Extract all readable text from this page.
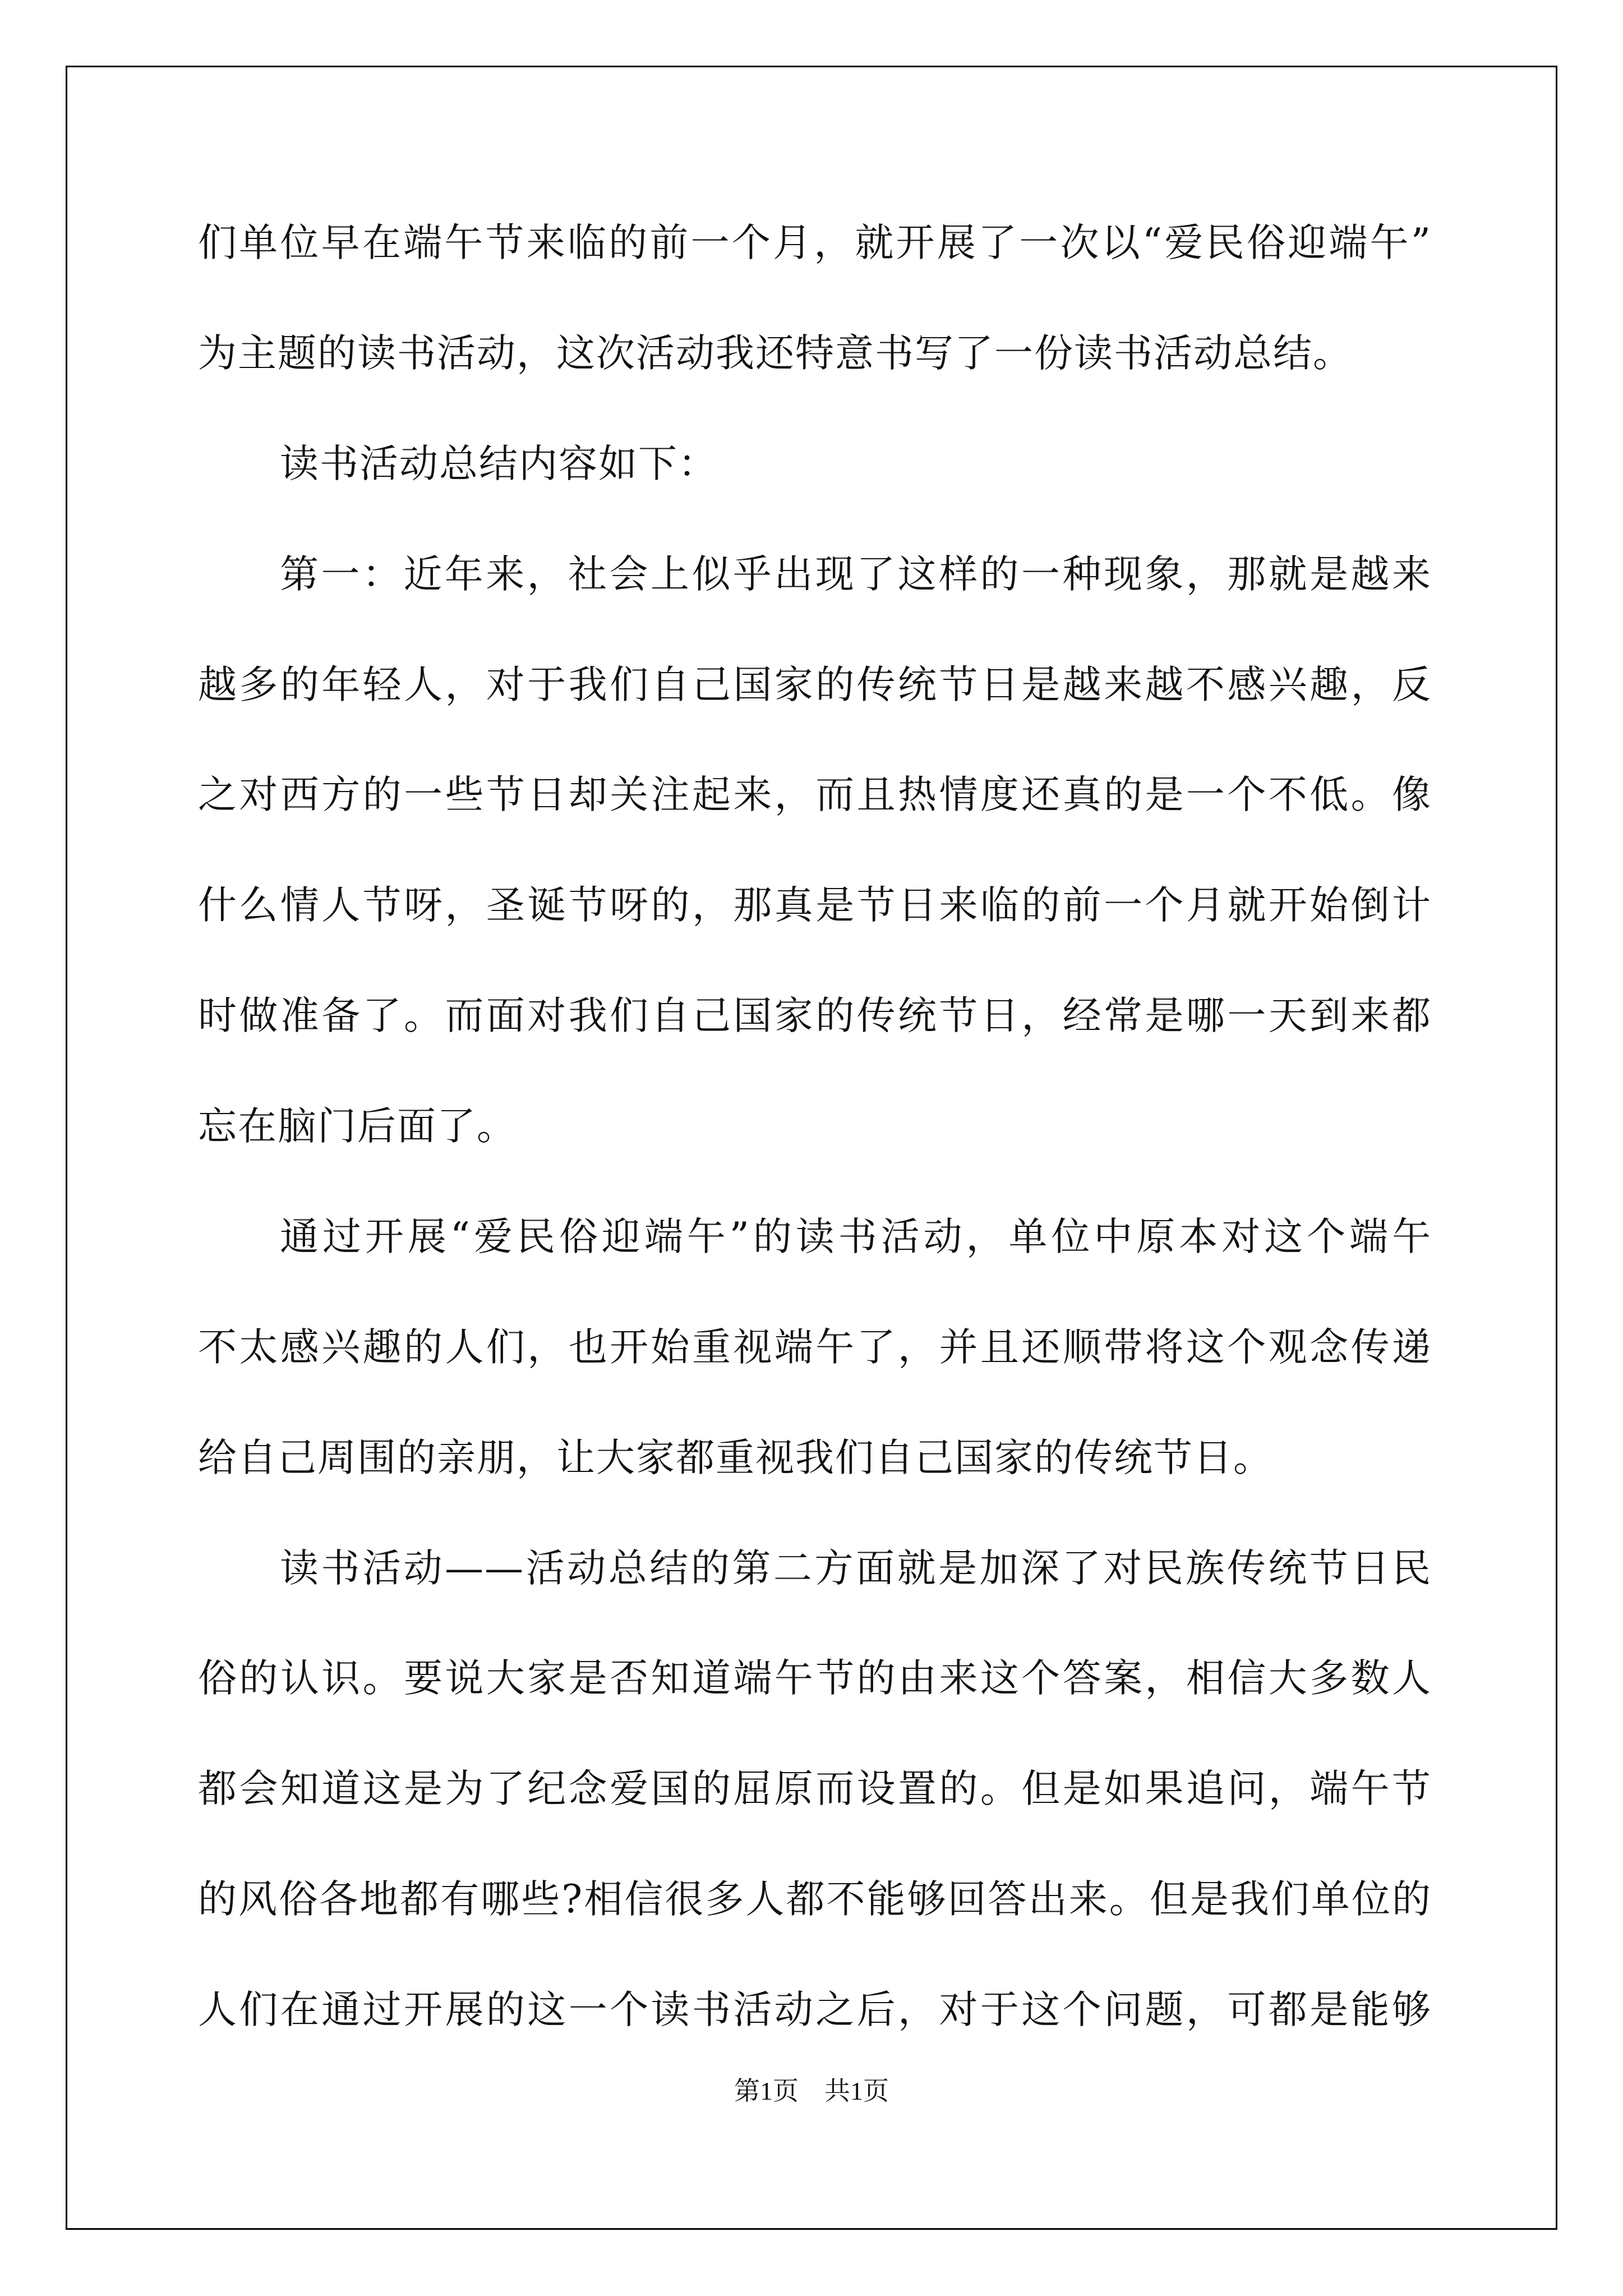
们单位早在端午节来临的前一个月，就开展了一次以“爱民俗迎端午”
为主题的读书活动，这次活动我还特意书写了一份读书活动总结。
读书活动总结内容如下：
第一：近年来，社会上似乎出现了这样的一种现象，那就是越来
越多的年轻人，对于我们自己国家的传统节日是越来越不感兴趣，反
之对西方的一些节日却关注起来，而且热情度还真的是一个不低。像
什么情人节呀，圣诞节呀的，那真是节日来临的前一个月就开始倒计
时做准备了。而面对我们自己国家的传统节日，经常是哪一天到来都
忘在脑门后面了。
通过开展“爱民俗迎端午”的读书活动，单位中原本对这个端午
不太感兴趣的人们，也开始重视端午了，并且还顺带将这个观念传递
给自己周围的亲朋，让大家都重视我们自己国家的传统节日。
读书活动——活动总结的第二方面就是加深了对民族传统节日民
俗的认识。要说大家是否知道端午节的由来这个答案，相信大多数人
都会知道这是为了纪念爱国的屈原而设置的。但是如果追问，端午节
的风俗各地都有哪些?相信很多人都不能够回答出来。但是我们单位的
人们在通过开展的这一个读书活动之后，对于这个问题，可都是能够
第1页　共1页
